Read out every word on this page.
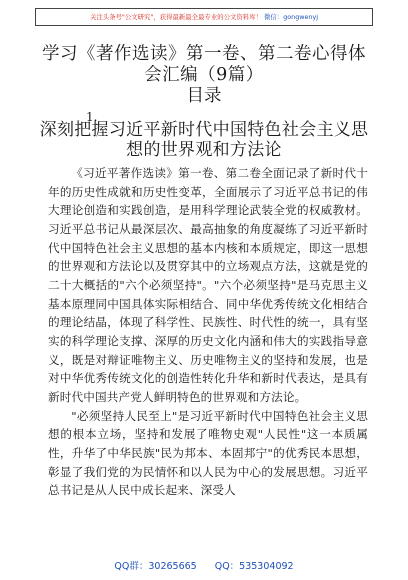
关注头条号"公文研究"，获得最新最全最专业的公文资料库！ 微信：gongwenyj
学习《著作选读》第一卷、第二卷心得体会汇编（9篇）
目录
1.
深刻把握习近平新时代中国特色社会主义思想的世界观和方法论

《习近平著作选读》第一卷、第二卷全面记录了新时代十年的历史性成就和历史性变革，全面展示了习近平总书记的伟大理论创造和实践创造，是用科学理论武装全党的权威教材。习近平总书记从最深层次、最高抽象的角度凝练了习近平新时代中国特色社会主义思想的基本内核和本质规定，即这一思想的世界观和方法论以及贯穿其中的立场观点方法，这就是党的二十大概括的"六个必须坚持"。"六个必须坚持"是马克思主义基本原理同中国具体实际相结合、同中华优秀传统文化相结合的理论结晶，体现了科学性、民族性、时代性的统一，具有坚实的科学理论支撑、深厚的历史文化内涵和伟大的实践指导意义，既是对辩证唯物主义、历史唯物主义的坚持和发展，也是对中华优秀传统文化的创造性转化升华和新时代表达，是具有新时代中国共产党人鲜明特色的世界观和方法论。

"必须坚持人民至上"是习近平新时代中国特色社会主义思想的根本立场，坚持和发展了唯物史观"人民性"这一本质属性，升华了中华民族"民为邦本、本固邦宁"的优秀民本思想，彰显了我们党的为民情怀和以人民为中心的发展思想。习近平总书记是从人民中成长起来、深受人

QQ群：30265665 QQ：535304092
